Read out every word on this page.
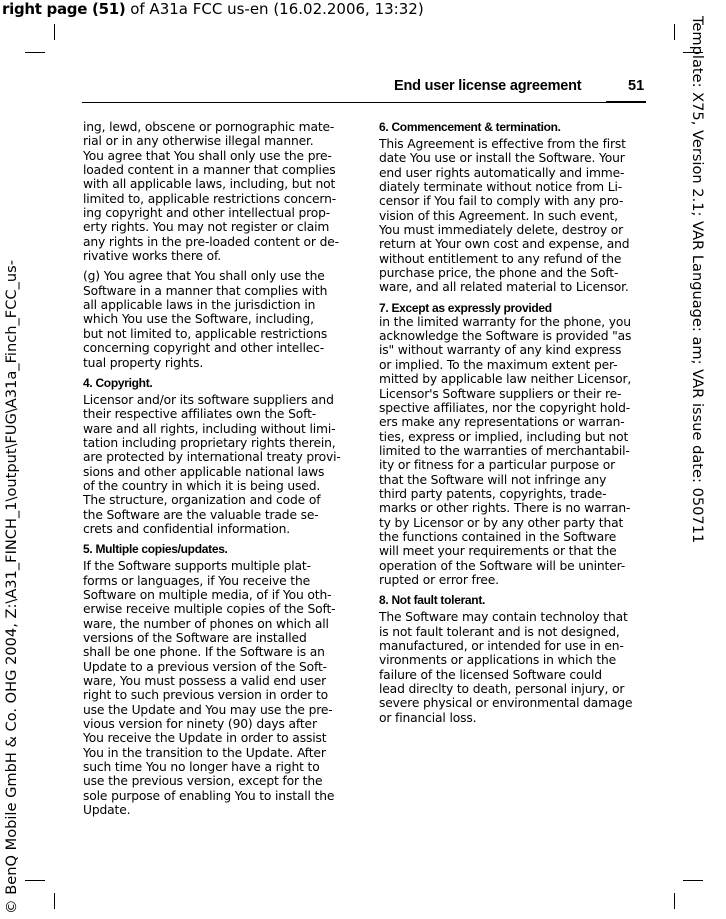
right page (51) of A31a FCC us-en (16.02.2006, 13:32)
End user license agreement	51

ing, lewd, obscene or pornographic mate-
rial or in any otherwise illegal manner.
You agree that You shall only use the pre-
loaded content in a manner that complies
with all applicable laws, including, but not
limited to, applicable restrictions concern-
ing copyright and other intellectual prop-
erty rights. You may not register or claim
any rights in the pre-loaded content or de-
rivative works there of.

(g) You agree that You shall only use the
Software in a manner that complies with
all applicable laws in the jurisdiction in
which You use the Software, including,
but not limited to, applicable restrictions
concerning copyright and other intellec-
tual property rights.

4. Copyright.

Licensor and/or its software suppliers and
their respective affiliates own the Soft-
ware and all rights, including without limi-
tation including proprietary rights therein,
are protected by international treaty provi-
sions and other applicable national laws
of the country in which it is being used.
The structure, organization and code of
the Software are the valuable trade se-
crets and confidential information.

5. Multiple copies/updates.

If the Software supports multiple plat-
forms or languages, if You receive the
Software on multiple media, of if You oth-
erwise receive multiple copies of the Soft-
ware, the number of phones on which all
versions of the Software are installed
shall be one phone. If the Software is an
Update to a previous version of the Soft-
ware, You must possess a valid end user
right to such previous version in order to
use the Update and You may use the pre-
vious version for ninety (90) days after
You receive the Update in order to assist
You in the transition to the Update. After
such time You no longer have a right to
use the previous version, except for the
sole purpose of enabling You to install the
Update.

6. Commencement & termination.

This Agreement is effective from the first
date You use or install the Software. Your
end user rights automatically and imme-
diately terminate without notice from Li-
censor if You fail to comply with any pro-
vision of this Agreement. In such event,
You must immediately delete, destroy or
return at Your own cost and expense, and
without entitlement to any refund of the
purchase price, the phone and the Soft-
ware, and all related material to Licensor.

7. Except as expressly provided

in the limited warranty for the phone, you
acknowledge the Software is provided "as
is" without warranty of any kind express
or implied. To the maximum extent per-
mitted by applicable law neither Licensor,
Licensor's Software suppliers or their re-
spective affiliates, nor the copyright hold-
ers make any representations or warran-
ties, express or implied, including but not
limited to the warranties of merchantabil-
ity or fitness for a particular purpose or
that the Software will not infringe any
third party patents, copyrights, trade-
marks or other rights. There is no warran-
ty by Licensor or by any other party that
the functions contained in the Software
will meet your requirements or that the
operation of the Software will be uninter-
rupted or error free.

8. Not fault tolerant.

The Software may contain technoloy that
is not fault tolerant and is not designed,
manufactured, or intended for use in en-
vironments or applications in which the
failure of the licensed Software could
lead direclty to death, personal injury, or
severe physical or environmental damage
or financial loss.

Template: X75, Version 2.1; VAR Language: am; VAR issue date: 050711
© BenQ Mobile GmbH & Co. OHG 2004, Z:\A31_FINCH_1\output\FUG\A31a_Finch_FCC_us-
